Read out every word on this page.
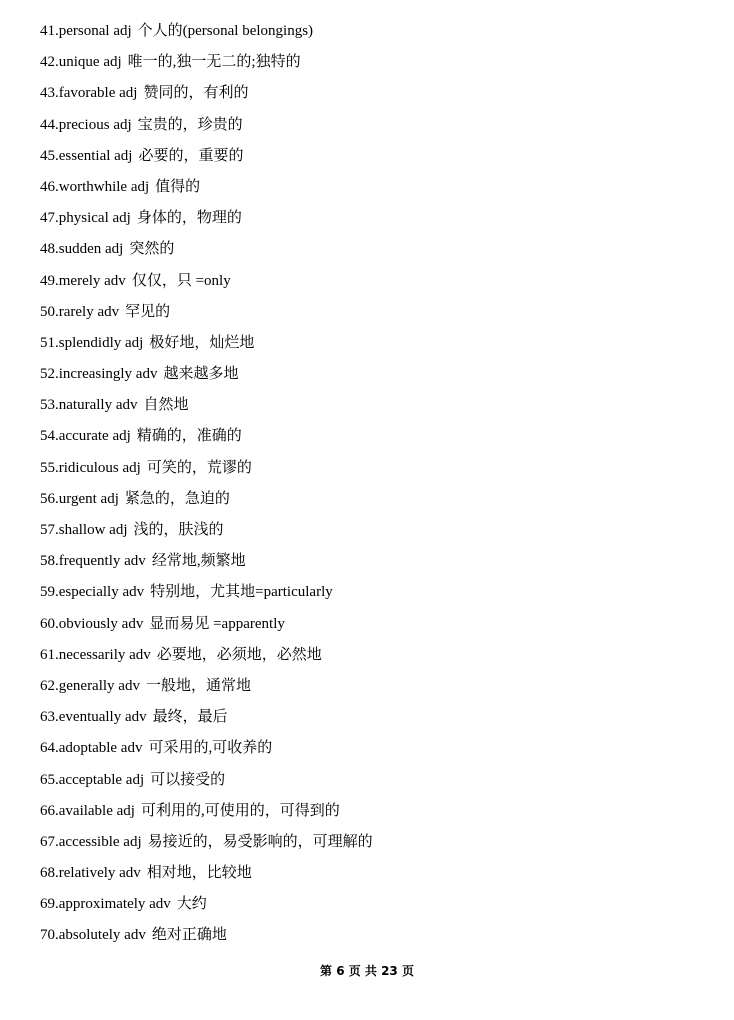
41.personal adj 个人的(personal belongings)
42.unique adj 唯一的,独一无二的;独特的
43.favorable adj 赞同的，有利的
44.precious adj 宝贵的，珍贵的
45.essential adj 必要的，重要的
46.worthwhile adj 值得的
47.physical adj 身体的，物理的
48.sudden adj 突然的
49.merely adv 仅仅，只 =only
50.rarely adv 罕见的
51.splendidly adj 极好地，灿烂地
52.increasingly adv 越来越多地
53.naturally adv 自然地
54.accurate adj 精确的，准确的
55.ridiculous adj 可笑的，荒谬的
56.urgent adj 紧急的，急迫的
57.shallow adj 浅的，肤浅的
58.frequently adv 经常地,频繁地
59.especially adv 特别地，尤其地=particularly
60.obviously adv 显而易见 =apparently
61.necessarily adv 必要地，必须地，必然地
62.generally adv 一般地，通常地
63.eventually adv 最终，最后
64.adoptable adv 可采用的,可收养的
65.acceptable adj 可以接受的
66.available adj 可利用的,可使用的，可得到的
67.accessible adj 易接近的，易受影响的，可理解的
68.relatively adv 相对地，比较地
69.approximately adv 大约
70.absolutely adv 绝对正确地
第 6 页 共 23 页
